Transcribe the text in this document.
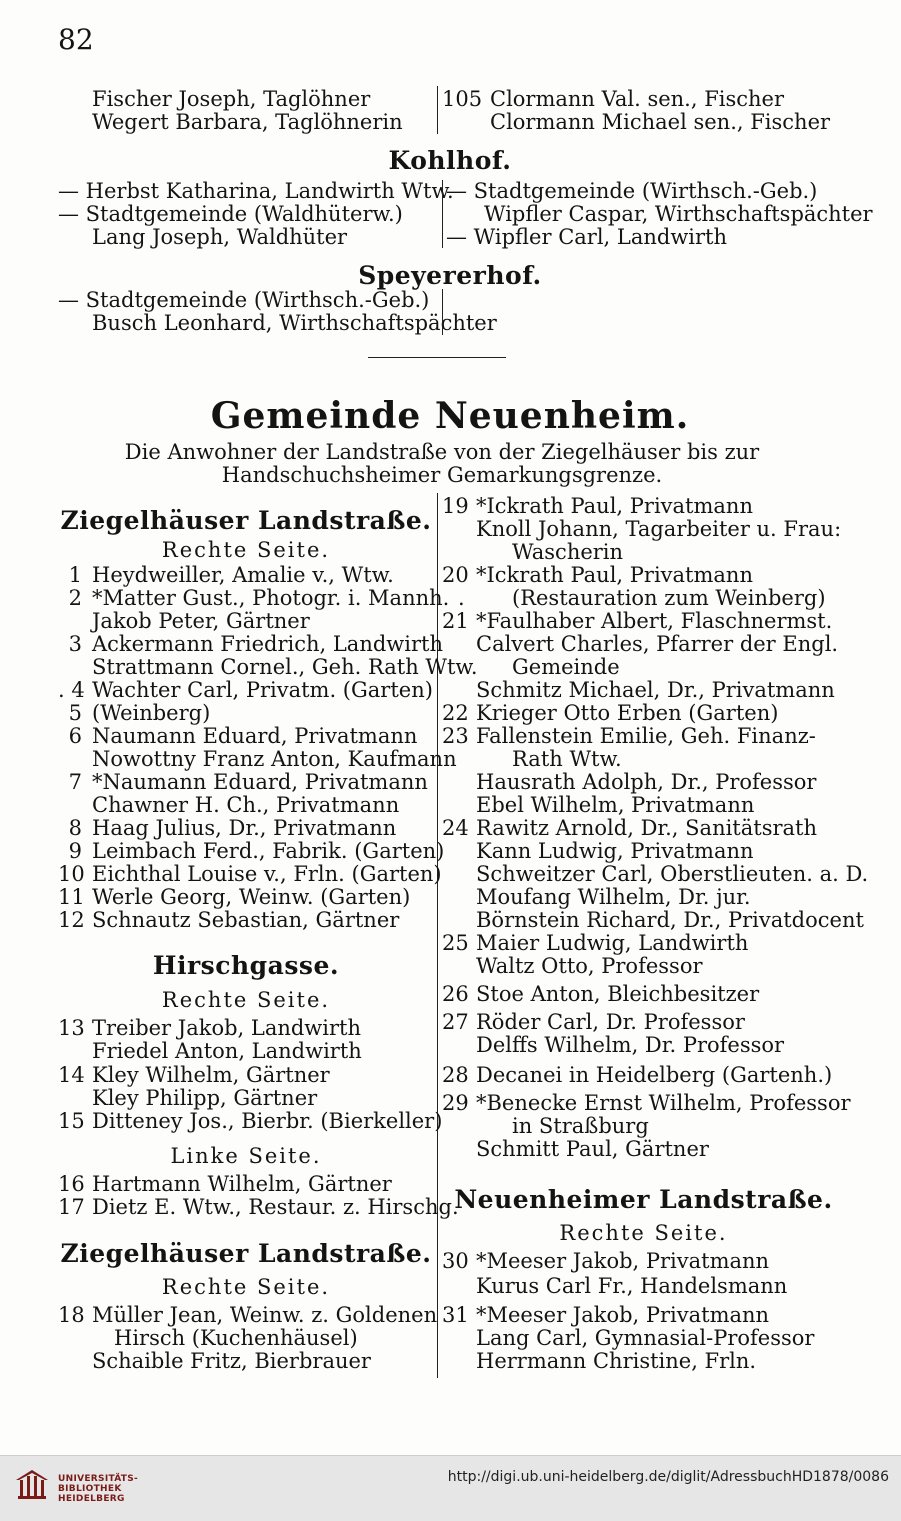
82
Fischer Joseph, Taglöhner
Wegert Barbara, Taglöhnerin
105 Clormann Val. sen., Fischer
Clormann Michael sen., Fischer
Kohlhof.
— Herbst Katharina, Landwirth Wtw.
— Stadtgemeinde (Waldhüterw.)
Lang Joseph, Waldhüter
— Stadtgemeinde (Wirthsch.-Geb.)
Wipfler Caspar, Wirthschaftspächter
— Wipfler Carl, Landwirth
Speyererhof.
— Stadtgemeinde (Wirthsch.-Geb.)
Busch Leonhard, Wirthschaftspächter
Gemeinde Neuenheim.
Die Anwohner der Landstraße von der Ziegelhäuser bis zur Handschuchsheimer Gemarkungsgrenze.
Ziegelhäuser Landstraße.
Rechte Seite.
1 Heydweiller, Amalie v., Wtw.
2 *Matter Gust., Photogr. i. Mannh.
Jakob Peter, Gärtner
3 Ackermann Friedrich, Landwirth
Strattmann Cornel., Geh. Rath Wtw.
. 4 Wachter Carl, Privatm. (Garten)
5 (Weinberg)
6 Naumann Eduard, Privatmann
Nowottny Franz Anton, Kaufmann
7 *Naumann Eduard, Privatmann
Chawner H. Ch., Privatmann
8 Haag Julius, Dr., Privatmann
9 Leimbach Ferd., Fabrik. (Garten)
10 Eichthal Louise v., Frln. (Garten)
11 Werle Georg, Weinw. (Garten)
12 Schnautz Sebastian, Gärtner
Hirschgasse.
Rechte Seite.
13 Treiber Jakob, Landwirth
Friedel Anton, Landwirth
14 Kley Wilhelm, Gärtner
Kley Philipp, Gärtner
15 Ditteney Jos., Bierbr. (Bierkeller)
Linke Seite.
16 Hartmann Wilhelm, Gärtner
17 Dietz E. Wtw., Restaur. z. Hirschg.
Ziegelhäuser Landstraße.
Rechte Seite.
18 Müller Jean, Weinw. z. Goldenen
Hirsch (Kuchenhäusel)
Schaible Fritz, Bierbrauer
19 *Ickrath Paul, Privatmann
Knoll Johann, Tagarbeiter u. Frau:
Wascherin
20 *Ickrath Paul, Privatmann
. (Restauration zum Weinberg)
21 *Faulhaber Albert, Flaschnermst.
Calvert Charles, Pfarrer der Engl.
Gemeinde
Schmitz Michael, Dr., Privatmann
22 Krieger Otto Erben (Garten)
23 Fallenstein Emilie, Geh. Finanz-
Rath Wtw.
Hausrath Adolph, Dr., Professor
Ebel Wilhelm, Privatmann
24 Rawitz Arnold, Dr., Sanitätsrath
Kann Ludwig, Privatmann
Schweitzer Carl, Oberstlieuten. a. D.
Moufang Wilhelm, Dr. jur.
Börnstein Richard, Dr., Privatdocent
25 Maier Ludwig, Landwirth
Waltz Otto, Professor
26 Stoe Anton, Bleichbesitzer
27 Röder Carl, Dr. Professor
Delffs Wilhelm, Dr. Professor
28 Decanei in Heidelberg (Gartenh.)
29 *Benecke Ernst Wilhelm, Professor
in Straßburg
Schmitt Paul, Gärtner
Neuenheimer Landstraße.
Rechte Seite.
30 *Meeser Jakob, Privatmann
Kurus Carl Fr., Handelsmann
31 *Meeser Jakob, Privatmann
Lang Carl, Gymnasial-Professor
Herrmann Christine, Frln.
UNIVERSITÄTS-
BIBLIOTHEK
HEIDELBERG
http://digi.ub.uni-heidelberg.de/diglit/AdressbuchHD1878/0086
